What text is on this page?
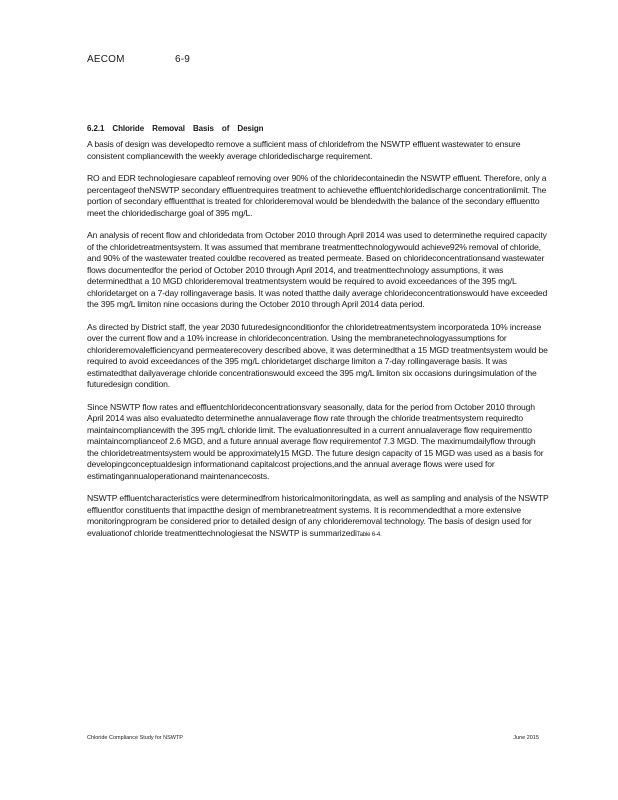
AECOM	6-9
6.2.1 Chloride Removal Basis of Design

A basis of design was developedto remove a sufficient mass of chloridefrom the NSWTP effluent wastewater to ensure consistent compliancewith the weekly average chloridedischarge requirement.

RO and EDR technologiesare capableof removing over 90% of the chloridecontainedin the NSWTP effluent. Therefore, only a percentageof theNSWTP secondary effluentrequires treatment to achievethe effluentchloridedischarge concentrationlimit. The portion of secondary effluentthat is treated for chlorideremoval would be blendedwith the balance of the secondary effluentto meet the chloridedischarge goal of 395 mg/L.

An analysis of recent flow and chloridedata from October 2010 through April 2014 was used to determinethe required capacity of the chloridetreatmentsystem. It was assumed that membrane treatmenttechnologywould achieve92% removal of chloride, and 90% of the wastewater treated couldbe recovered as treated permeate. Based on chlorideconcentrationsand wastewater flows documentedfor the period of October 2010 through April 2014, and treatmenttechnology assumptions, it was determinedthat a 10 MGD chlorideremoval treatmentsystem would be required to avoid exceedances of the 395 mg/L chloridetarget on a 7-day rollingaverage basis. It was noted thatthe daily average chlorideconcentrationswould have exceeded the 395 mg/L limiton nine occasions during the October 2010 through April 2014 data period.

As directed by District staff, the year 2030 futuredesignconditionfor the chloridetreatmentsystem incorporateda 10% increase over the current flow and a 10% increase in chlorideconcentration. Using the membranetechnologyassumptions for chlorideremovalefficiencyand permeaterecovery described above, it was determinedthat a 15 MGD treatmentsystem would be required to avoid exceedances of the 395 mg/L chloridetarget discharge limiton a 7-day rollingaverage basis. It was estimatedthat dailyaverage chloride concentrationswould exceed the 395 mg/L limiton six occasions duringsimulation of the futuredesign condition.

Since NSWTP flow rates and effluentchlorideconcentrationsvary seasonally, data for the period from October 2010 through April 2014 was also evaluatedto determinethe annualaverage flow rate through the chloride treatmentsystem requiredto maintaincompliancewith the 395 mg/L chloride limit. The evaluationresulted in a current annualaverage flow requirementto maintaincomplianceof 2.6 MGD, and a future annual average flow requirementof 7.3 MGD. The maximumdailyflow through the chloridetreatmentsystem would be approximately15 MGD. The future design capacity of 15 MGD was used as a basis for developingconceptualdesign informationand capitalcost projections,and the annual average flows were used for estimatingannualoperationand maintenancecosts.

NSWTP effluentcharacteristics were determinedfrom historicalmonitoringdata, as well as sampling and analysis of the NSWTP effluentfor constituents that impactthe design of membranetreatment systems. It is recommendedthat a more extensive monitoringprogram be considered prior to detailed design of any chlorideremoval technology. The basis of design used for evaluationof chloride treatmenttechnologiesat the NSWTP is summarizediTable 6-4.

Chloride Compliance Study for NSWTP	June 2015
